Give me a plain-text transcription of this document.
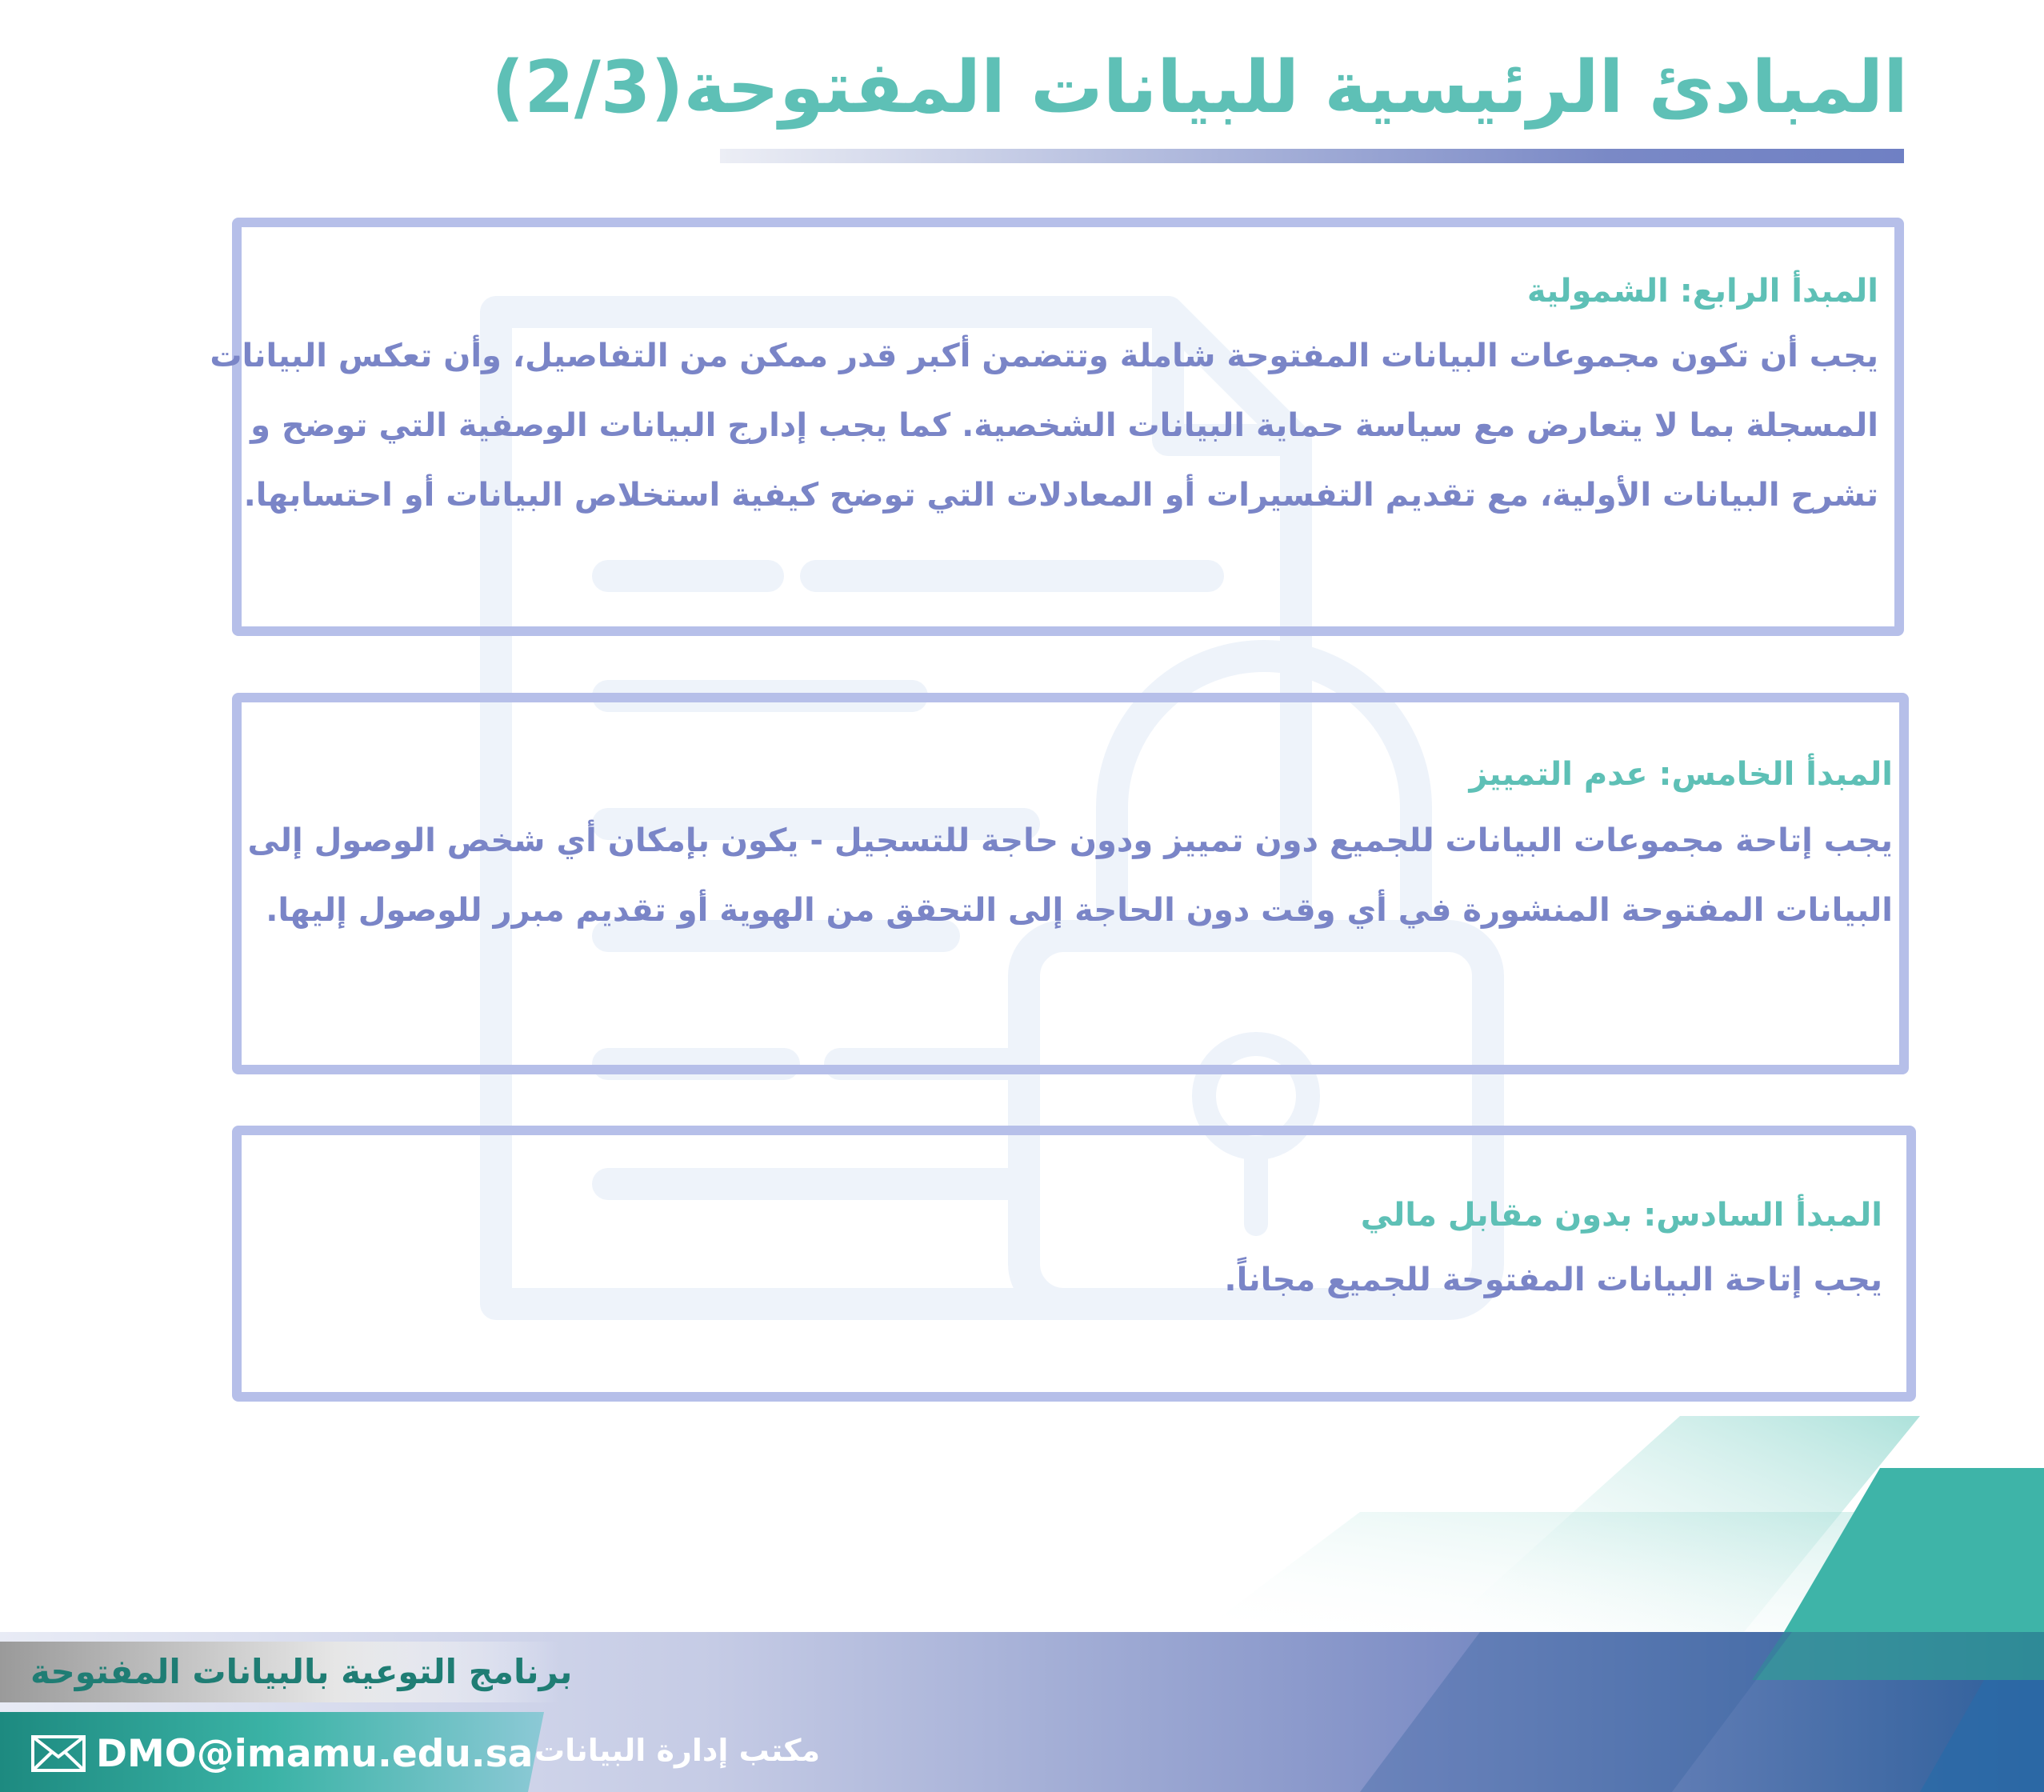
المبادئ الرئيسية للبيانات المفتوحة(2/3)
المبدأ الرابع: الشمولية

يجب أن تكون مجموعات البيانات المفتوحة شاملة وتتضمن أكبر قدر ممكن من التفاصيل، وأن تعكس البيانات

المسجلة بما لا يتعارض مع سياسة حماية البيانات الشخصية. كما يجب إدارج البيانات الوصفية التي توضح و

تشرح البيانات الأولية، مع تقديم التفسيرات أو المعادلات التي توضح كيفية استخلاص البيانات أو احتسابها.

المبدأ الخامس: عدم التمييز

يجب إتاحة مجموعات البيانات للجميع دون تمييز ودون حاجة للتسجيل - يكون بإمكان أي شخص الوصول إلى

البيانات المفتوحة المنشورة في أي وقت دون الحاجة إلى التحقق من الهوية أو تقديم مبرر للوصول إليها.

المبدأ السادس: بدون مقابل مالي

يجب إتاحة البيانات المفتوحة للجميع مجاناً.

برنامج التوعية بالبيانات المفتوحة
DMO@imamu.edu.sa مكتب إدارة البيانات
